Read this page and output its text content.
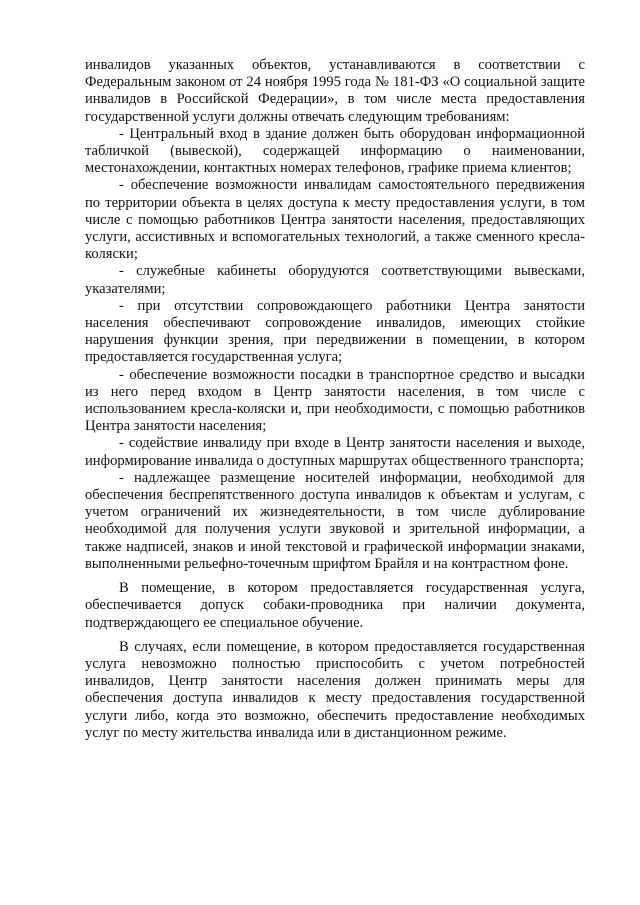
инвалидов указанных объектов, устанавливаются в соответствии с Федеральным законом от 24 ноября 1995 года № 181-ФЗ «О социальной защите инвалидов в Российской Федерации», в том числе места предоставления государственной услуги должны отвечать следующим требованиям:

- Центральный вход в здание должен быть оборудован информационной табличкой (вывеской), содержащей информацию о наименовании, местонахождении, контактных номерах телефонов, графике приема клиентов;

- обеспечение возможности инвалидам самостоятельного передвижения по территории объекта в целях доступа к месту предоставления услуги, в том числе с помощью работников Центра занятости населения, предоставляющих услуги, ассистивных и вспомогательных технологий, а также сменного кресла-коляски;

- служебные кабинеты оборудуются соответствующими вывесками, указателями;

- при отсутствии сопровождающего работники Центра занятости населения обеспечивают сопровождение инвалидов, имеющих стойкие нарушения функции зрения, при передвижении в помещении, в котором предоставляется государственная услуга;

- обеспечение возможности посадки в транспортное средство и высадки из него перед входом в Центр занятости населения, в том числе с использованием кресла-коляски и, при необходимости, с помощью работников Центра занятости населения;

- содействие инвалиду при входе в Центр занятости населения и выходе, информирование инвалида о доступных маршрутах общественного транспорта;

- надлежащее размещение носителей информации, необходимой для обеспечения беспрепятственного доступа инвалидов к объектам и услугам, с учетом ограничений их жизнедеятельности, в том числе дублирование необходимой для получения услуги звуковой и зрительной информации, а также надписей, знаков и иной текстовой и графической информации знаками, выполненными рельефно-точечным шрифтом Брайля и на контрастном фоне.

В помещение, в котором предоставляется государственная услуга, обеспечивается допуск собаки-проводника при наличии документа, подтверждающего ее специальное обучение.

В случаях, если помещение, в котором предоставляется государственная услуга невозможно полностью приспособить с учетом потребностей инвалидов, Центр занятости населения должен принимать меры для обеспечения доступа инвалидов к месту предоставления государственной услуги либо, когда это возможно, обеспечить предоставление необходимых услуг по месту жительства инвалида или в дистанционном режиме.
